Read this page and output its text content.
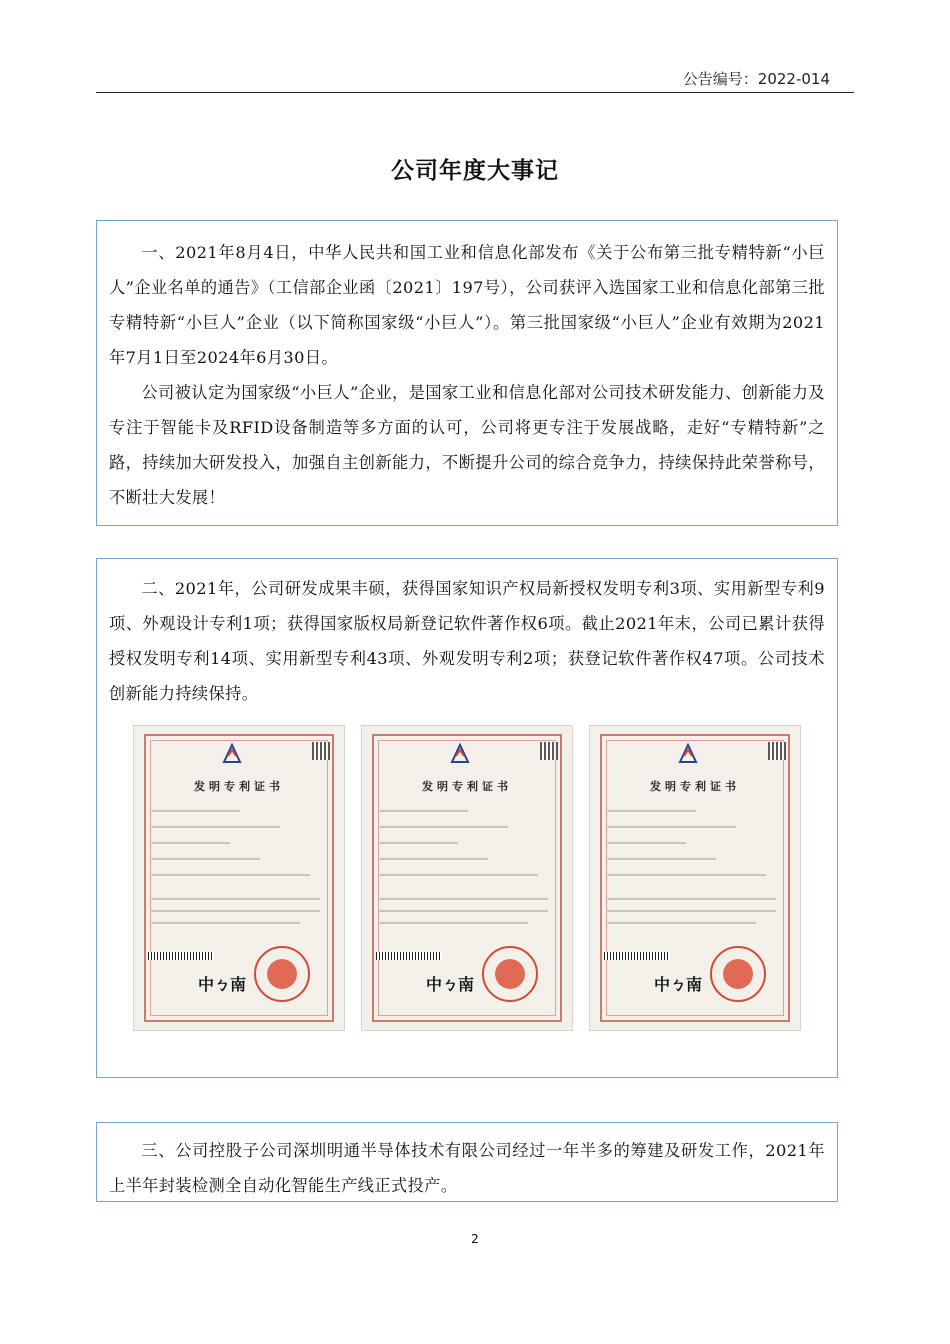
公告编号：2022-014
公司年度大事记

一、2021年8月4日，中华人民共和国工业和信息化部发布《关于公布第三批专精特新“小巨人”企业名单的通告》（工信部企业函〔2021〕197号），公司获评入选国家工业和信息化部第三批专精特新“小巨人”企业（以下简称国家级“小巨人”）。第三批国家级“小巨人”企业有效期为2021年7月1日至2024年6月30日。

公司被认定为国家级“小巨人”企业，是国家工业和信息化部对公司技术研发能力、创新能力及专注于智能卡及RFID设备制造等多方面的认可，公司将更专注于发展战略，走好“专精特新”之路，持续加大研发投入，加强自主创新能力，不断提升公司的综合竞争力，持续保持此荣誉称号，不断壮大发展！

二、2021年，公司研发成果丰硕，获得国家知识产权局新授权发明专利3项、实用新型专利9项、外观设计专利1项；获得国家版权局新登记软件著作权6项。截止2021年末，公司已累计获得授权发明专利14项、实用新型专利43项、外观发明专利2项；获登记软件著作权47项。公司技术创新能力持续保持。

发明专利证书
中ㄅ南
发明专利证书
中ㄅ南
发明专利证书
中ㄅ南

三、公司控股子公司深圳明通半导体技术有限公司经过一年半多的筹建及研发工作，2021年上半年封装检测全自动化智能生产线正式投产。

2
